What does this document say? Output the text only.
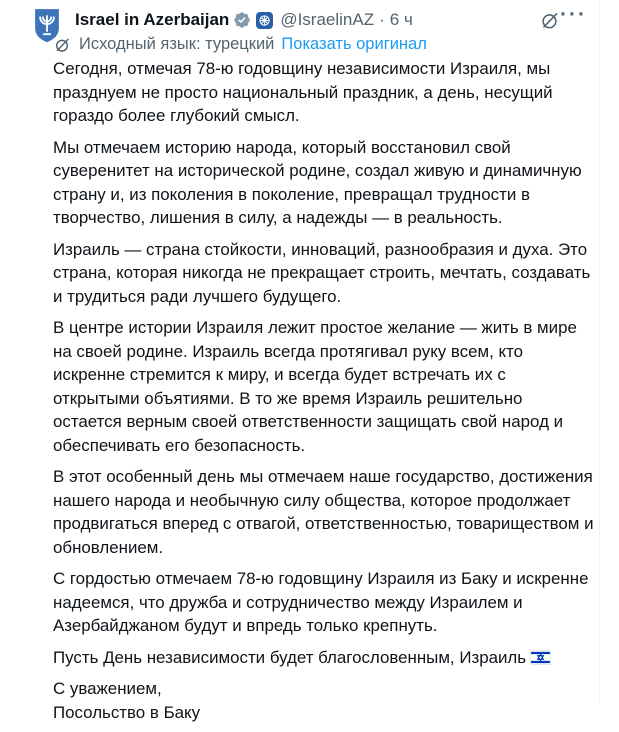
Israel in Azerbaijan	@IsraelinAZ · 6 ч	···
Исходный язык: турецкий Показать оригинал

Сегодня, отмечая 78-ю годовщину независимости Израиля, мы празднуем не просто национальный праздник, а день, несущий гораздо более глубокий смысл.

Мы отмечаем историю народа, который восстановил свой суверенитет на исторической родине, создал живую и динамичную страну и, из поколения в поколение, превращал трудности в творчество, лишения в силу, а надежды — в реальность.

Израиль — страна стойкости, инноваций, разнообразия и духа. Это страна, которая никогда не прекращает строить, мечтать, создавать и трудиться ради лучшего будущего.

В центре истории Израиля лежит простое желание — жить в мире на своей родине. Израиль всегда протягивал руку всем, кто искренне стремится к миру, и всегда будет встречать их с открытыми объятиями. В то же время Израиль решительно остается верным своей ответственности защищать свой народ и обеспечивать его безопасность.

В этот особенный день мы отмечаем наше государство, достижения нашего народа и необычную силу общества, которое продолжает продвигаться вперед с отвагой, ответственностью, товариществом и обновлением.

С гордостью отмечаем 78-ю годовщину Израиля из Баку и искренне надеемся, что дружба и сотрудничество между Израилем и Азербайджаном будут и впредь только крепнуть.

Пусть День независимости будет благословенным, Израиль

С уважением,
Посольство в Баку
